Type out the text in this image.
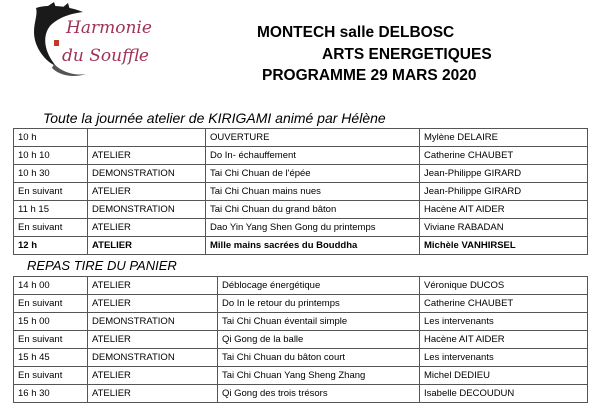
Harmonie
du Souffle
MONTECH salle DELBOSC
ARTS ENERGETIQUES
PROGRAMME 29 MARS 2020
Toute la journée atelier de KIRIGAMI animé par Hélène
10 h		OUVERTURE	Mylène DELAIRE
10 h 10	ATELIER	Do In- échauffement	Catherine CHAUBET
10 h 30	DEMONSTRATION	Tai Chi Chuan de l'épée	Jean-Philippe GIRARD
En suivant	ATELIER	Tai Chi Chuan mains nues	Jean-Philippe GIRARD
11 h 15	DEMONSTRATION	Tai Chi Chuan du grand bâton	Hacène AIT AIDER
En suivant	ATELIER	Dao Yin Yang Shen Gong du printemps	Viviane RABADAN
12 h	ATELIER	Mille mains sacrées du Bouddha	Michèle VANHIRSEL
REPAS TIRE DU PANIER
14 h 00	ATELIER	Déblocage énergétique	Véronique DUCOS
En suivant	ATELIER	Do In le retour du printemps	Catherine CHAUBET
15 h 00	DEMONSTRATION	Tai Chi Chuan éventail simple	Les intervenants
En suivant	ATELIER	Qi Gong de la balle	Hacène AIT AIDER
15 h 45	DEMONSTRATION	Tai Chi Chuan du bâton court	Les intervenants
En suivant	ATELIER	Tai Chi Chuan Yang Sheng Zhang	Michel DEDIEU
16 h 30	ATELIER	Qi Gong des trois trésors	Isabelle DECOUDUN
